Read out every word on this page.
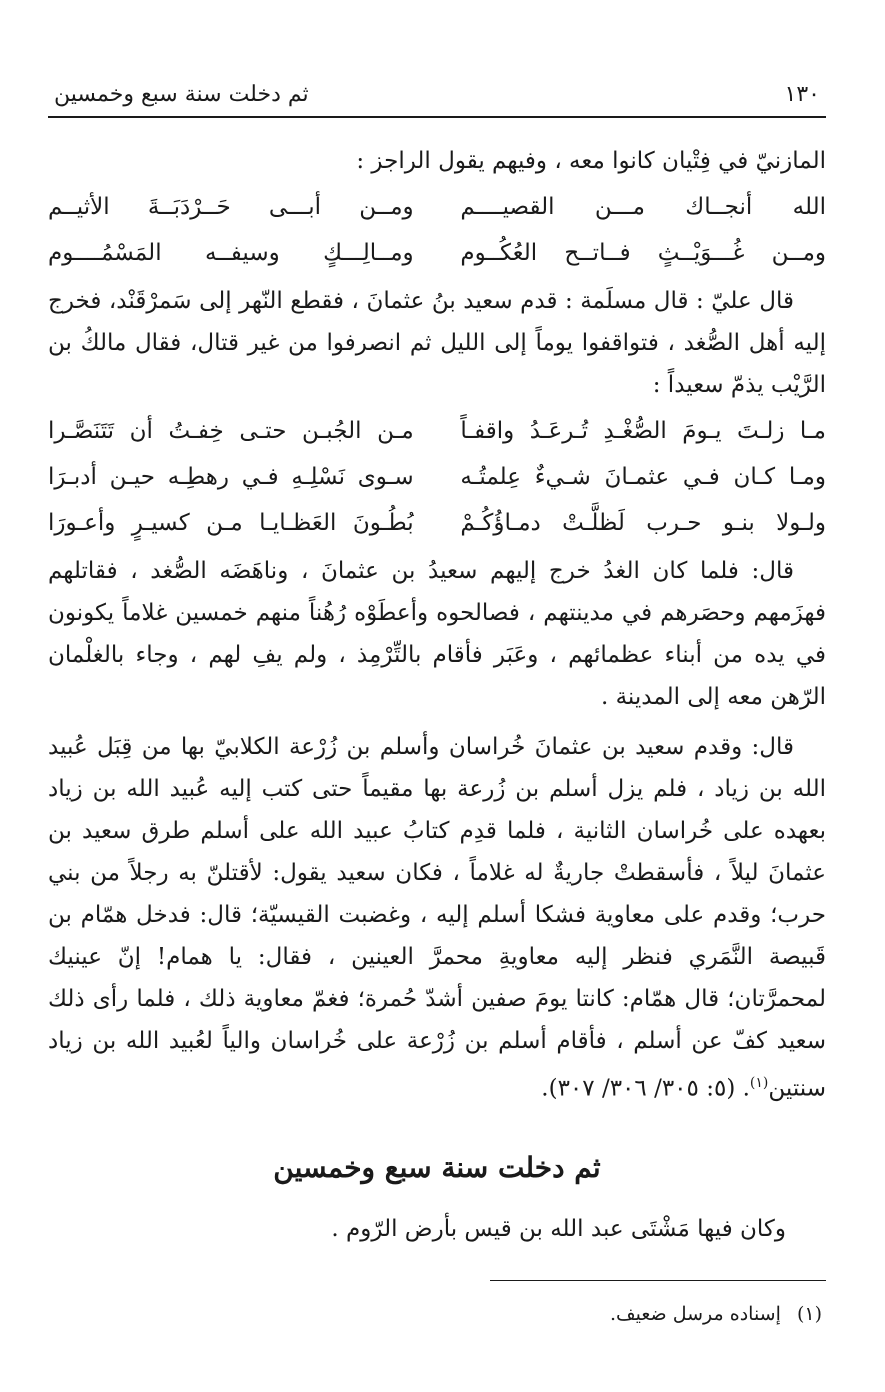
١٣٠
ثم دخلت سنة سبع وخمسين

المازنيّ في فِتْيان كانوا معه ، وفيهم يقول الراجز :

الله أنجــاك مـــن القصيــــم
ومــن أبـــى حَــرْدَبَــةَ الأثيــم
ومــن غُـــوَيْــثٍ فــاتــح العُكُــوم
ومــالِـــكٍ وسيفــه المَسْمُــــوم

قال عليّ : قال مسلَمة : قدم سعيد بنُ عثمانَ ، فقطع النّهر إلى سَمرْقَنْد، فخرج إليه أهل الصُّغد ، فتواقفوا يوماً إلى الليل ثم انصرفوا من غير قتال، فقال مالكُ بن الرَّيْب يذمّ سعيداً :

مـا زلـتَ يـومَ الصُّغْـدِ تُـرعَـدُ واقفـاً
مـن الجُبـن حتـى خِفـتُ أن تَتَنَصَّـرا
ومـا كـان فـي عثمـانَ شـيءٌ عِلمتُـه
سـوى نَسْلِـهِ فـي رهطِـه حيـن أدبـرَا
ولـولا بنـو حـرب لَظلَّـتْ دمـاؤُكُـمْ
بُطُـونَ العَظـايـا مـن كسيـرٍ وأعـورَا

قال: فلما كان الغدُ خرج إليهم سعيدُ بن عثمانَ ، وناهَضَه الصُّغد ، فقاتلهم فهزَمهم وحصَرهم في مدينتهم ، فصالحوه وأعطَوْه رُهُناً منهم خمسين غلاماً يكونون في يده من أبناء عظمائهم ، وعَبَر فأقام بالتِّرْمِذ ، ولم يفِ لهم ، وجاء بالغلْمان الرّهن معه إلى المدينة .

قال: وقدم سعيد بن عثمانَ خُراسان وأسلم بن زُرْعة الكلابيّ بها من قِبَل عُبيد الله بن زياد ، فلم يزل أسلم بن زُرعة بها مقيماً حتى كتب إليه عُبيد الله بن زياد بعهده على خُراسان الثانية ، فلما قدِم كتابُ عبيد الله على أسلم طرق سعيد بن عثمانَ ليلاً ، فأسقطتْ جاريةٌ له غلاماً ، فكان سعيد يقول: لأقتلنّ به رجلاً من بني حرب؛ وقدم على معاوية فشكا أسلم إليه ، وغضبت القيسيّة؛ قال: فدخل همّام بن قَبيصة النَّمَري فنظر إليه معاويةِ محمرَّ العينين ، فقال: يا همام! إنّ عينيك لمحمرَّتان؛ قال همّام: كانتا يومَ صفين أشدّ حُمرة؛ فغمّ معاوية ذلك ، فلما رأى ذلك سعيد كفّ عن أسلم ، فأقام أسلم بن زُرْعة على خُراسان والياً لعُبيد الله بن زياد سنتين$^{(١)}$. (٥: ٣٠٥/ ٣٠٦/ ٣٠٧).

ثم دخلت سنة سبع وخمسين

وكان فيها مَشْتَى عبد الله بن قيس بأرض الرّوم .

(١) إسناده مرسل ضعيف.
